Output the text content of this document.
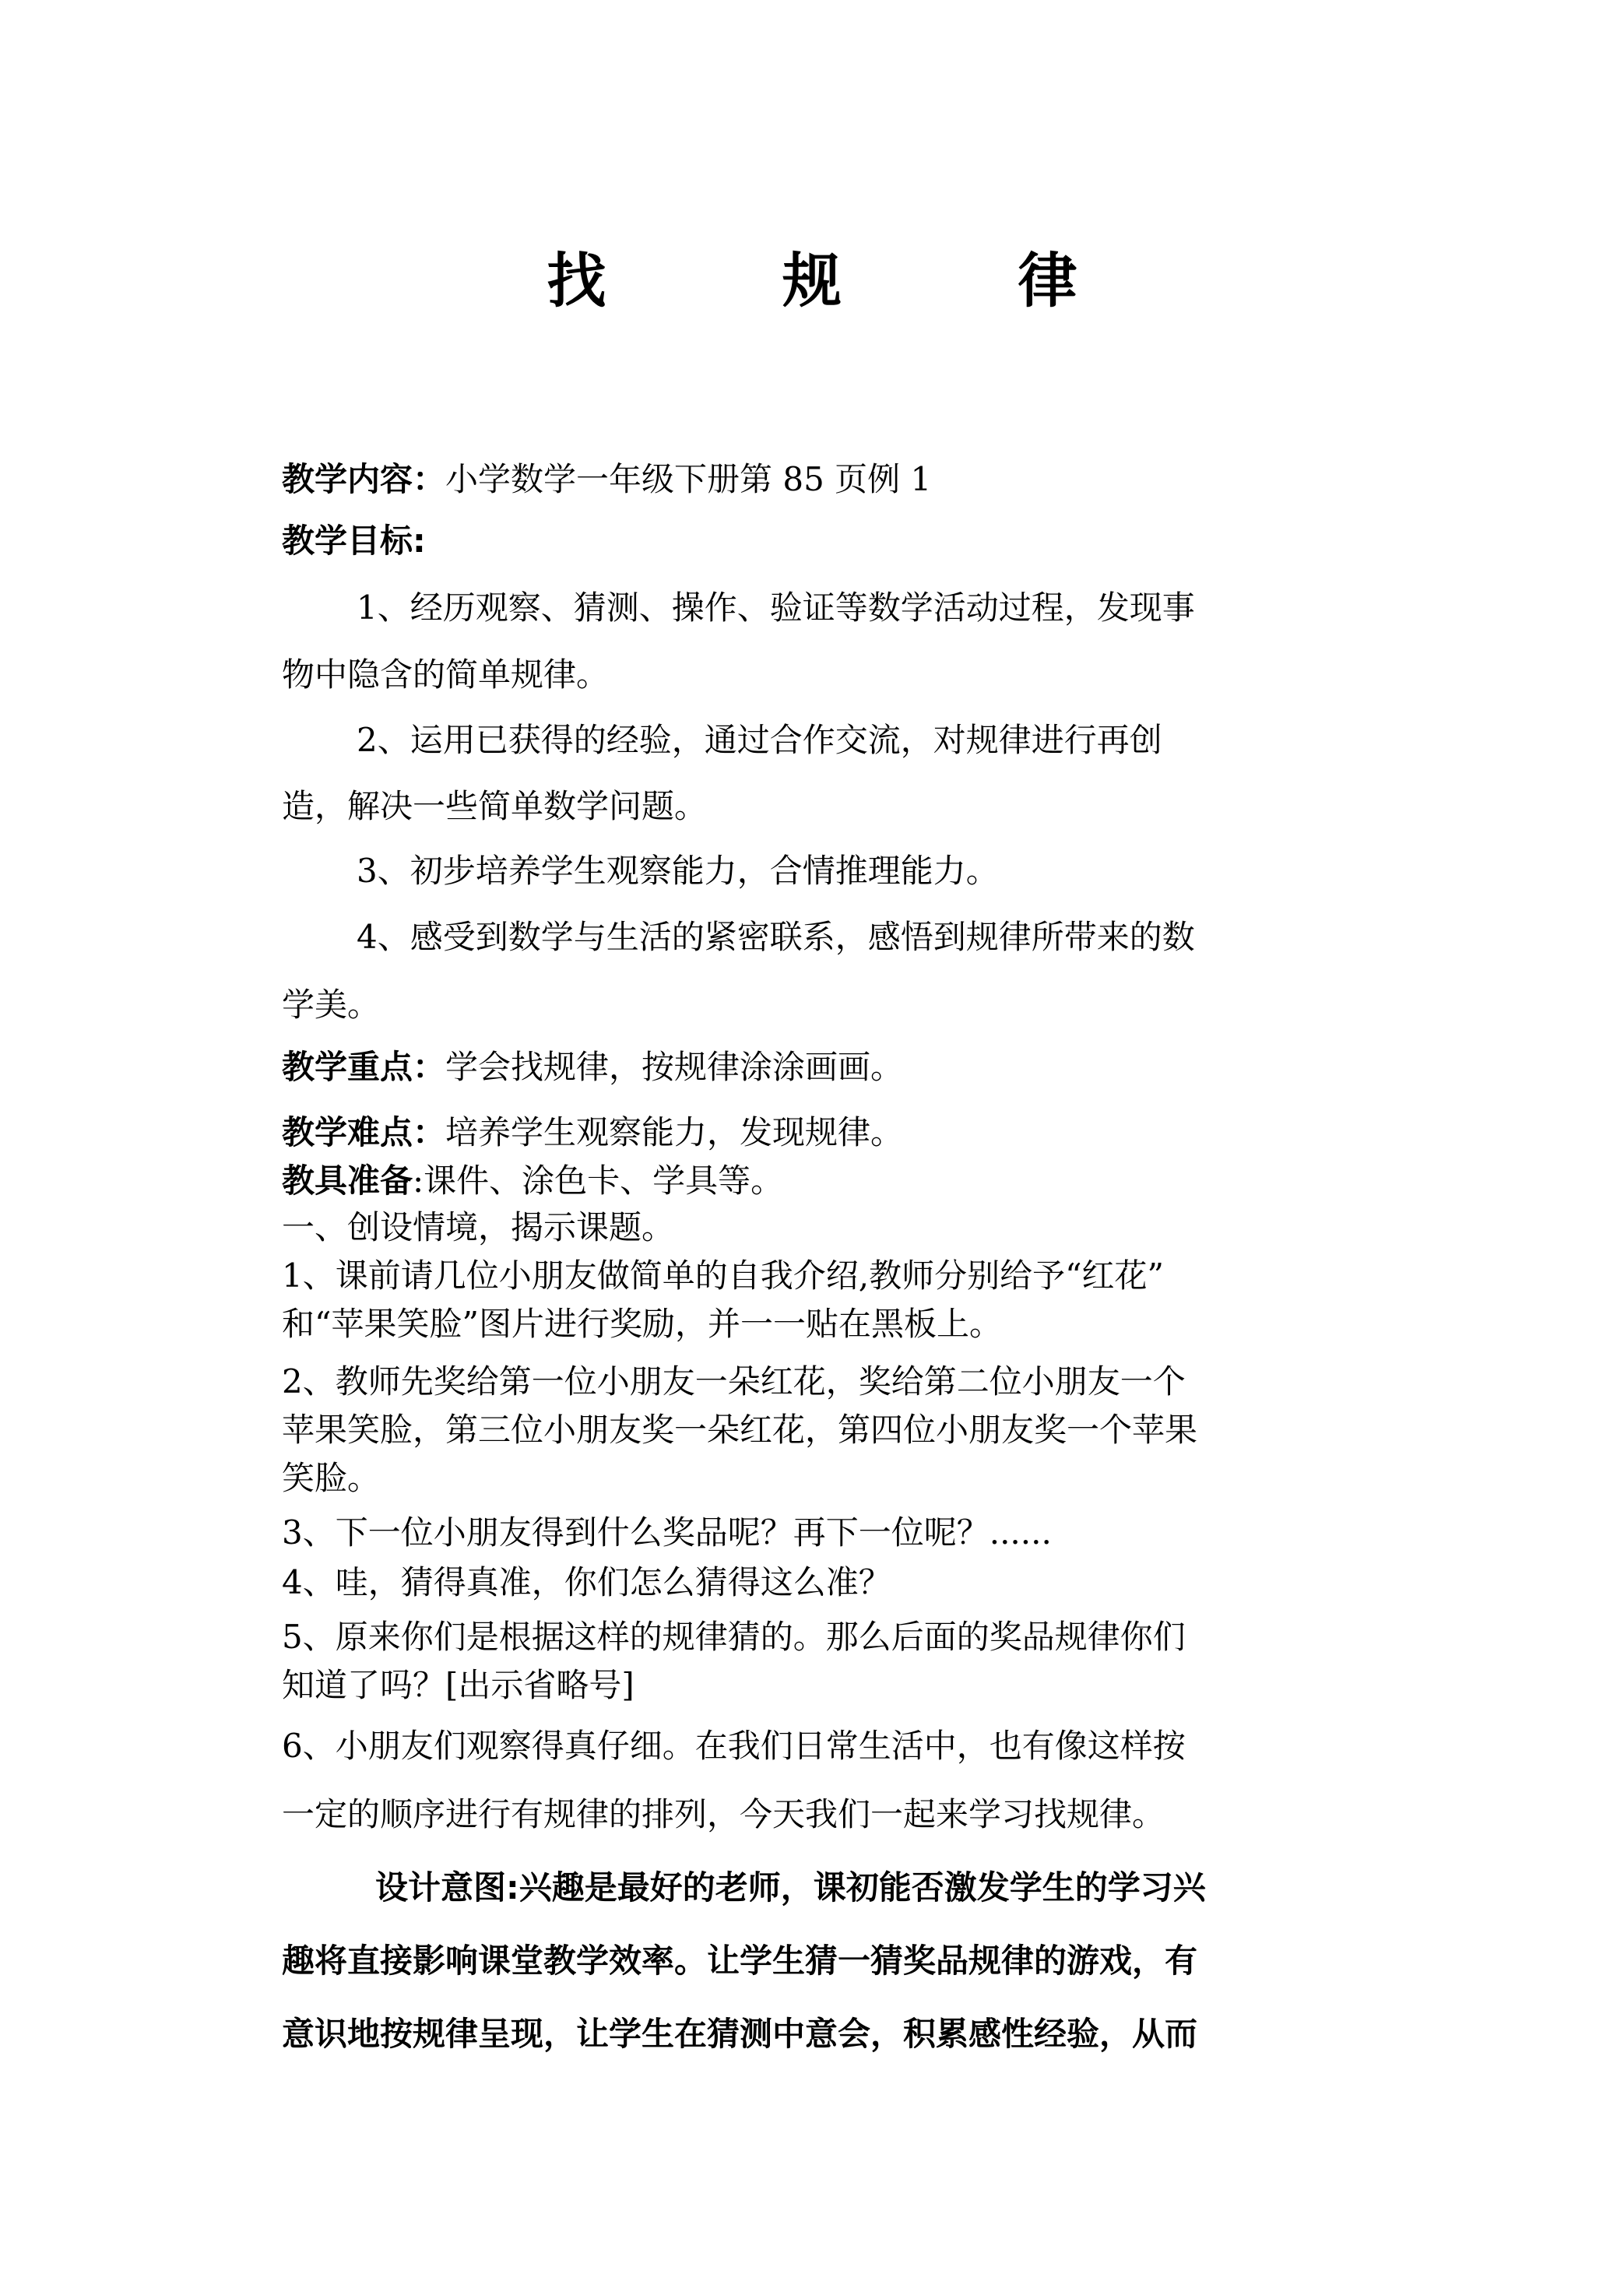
找 规 律
教学内容：小学数学一年级下册第 85 页例 1
教学目标:
1、经历观察、猜测、操作、验证等数学活动过程，发现事
物中隐含的简单规律。
2、运用已获得的经验，通过合作交流，对规律进行再创
造，解决一些简单数学问题。
3、初步培养学生观察能力，合情推理能力。
4、感受到数学与生活的紧密联系，感悟到规律所带来的数
学美。
教学重点：学会找规律，按规律涂涂画画。
教学难点：培养学生观察能力，发现规律。
教具准备:课件、涂色卡、学具等。
一、创设情境，揭示课题。
1、课前请几位小朋友做简单的自我介绍,教师分别给予“红花”
和“苹果笑脸”图片进行奖励，并一一贴在黑板上。
2、教师先奖给第一位小朋友一朵红花，奖给第二位小朋友一个
苹果笑脸，第三位小朋友奖一朵红花，第四位小朋友奖一个苹果
笑脸。
3、下一位小朋友得到什么奖品呢？再下一位呢？......
4、哇，猜得真准，你们怎么猜得这么准？
5、原来你们是根据这样的规律猜的。那么后面的奖品规律你们
知道了吗？[出示省略号]
6、小朋友们观察得真仔细。在我们日常生活中，也有像这样按
一定的顺序进行有规律的排列，今天我们一起来学习找规律。
设计意图:兴趣是最好的老师，课初能否激发学生的学习兴
趣将直接影响课堂教学效率。让学生猜一猜奖品规律的游戏，有
意识地按规律呈现，让学生在猜测中意会，积累感性经验，从而
